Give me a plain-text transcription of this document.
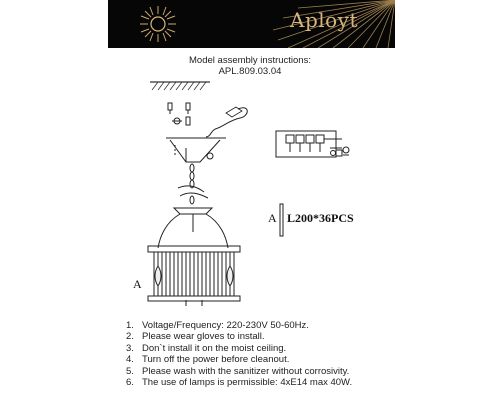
Aployt
Model assembly instructions:
APL.809.03.04
A
A L200*36PCS
1. Voltage/Frequency: 220-230V 50-60Hz.
2. Please wear gloves to install.
3. Don`t install it on the moist ceiling.
4. Turn off the power before cleanout.
5. Please wash with the sanitizer without corrosivity.
6. The use of lamps is permissible: 4xE14 max 40W.
